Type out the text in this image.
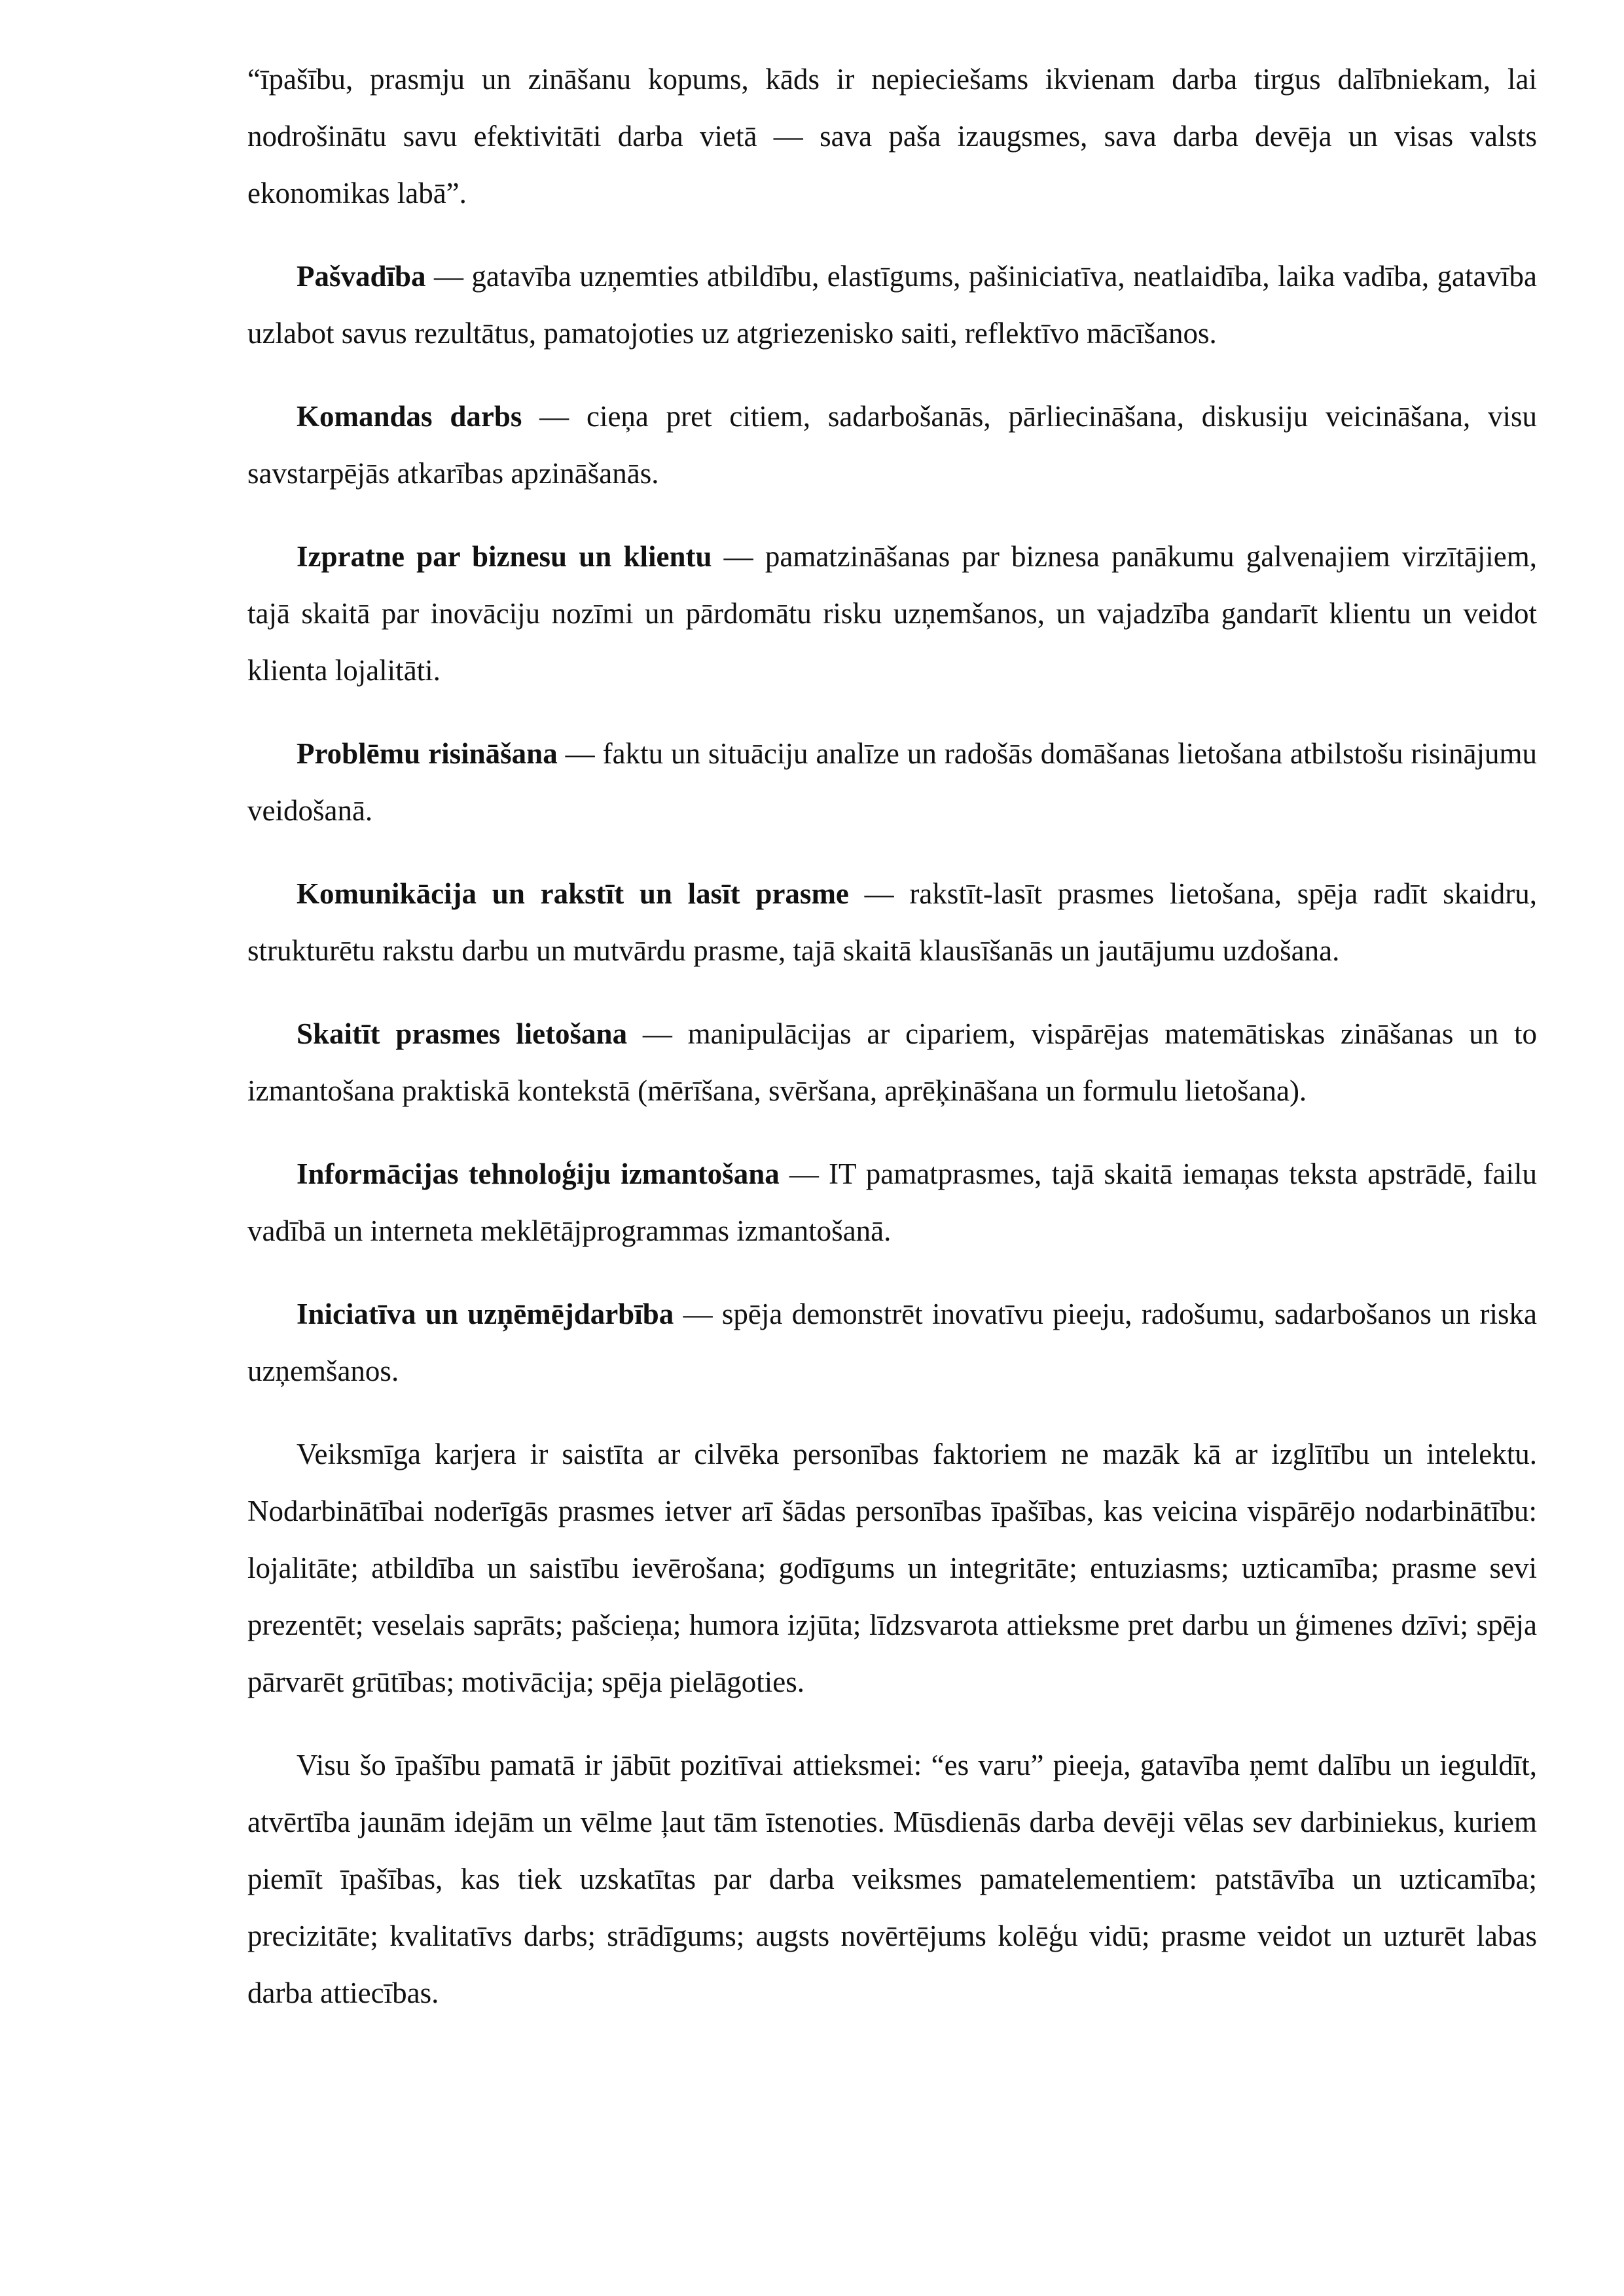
“īpašību, prasmju un zināšanu kopums, kāds ir nepieciešams ikvienam darba tirgus dalībniekam, lai nodrošinātu savu efektivitāti darba vietā — sava paša izaugsmes, sava darba devēja un visas valsts ekonomikas labā”.

Pašvadība — gatavība uzņemties atbildību, elastīgums, pašiniciatīva, neatlaidība, laika vadība, gatavība uzlabot savus rezultātus, pamatojoties uz atgriezenisko saiti, reflektīvo mācīšanos.

Komandas darbs — cieņa pret citiem, sadarbošanās, pārliecināšana, diskusiju veicināšana, visu savstarpējās atkarības apzināšanās.

Izpratne par biznesu un klientu — pamatzināšanas par biznesa panākumu galvenajiem virzītājiem, tajā skaitā par inovāciju nozīmi un pārdomātu risku uzņemšanos, un vajadzība gandarīt klientu un veidot klienta lojalitāti.

Problēmu risināšana — faktu un situāciju analīze un radošās domāšanas lietošana atbilstošu risinājumu veidošanā.

Komunikācija un rakstīt un lasīt prasme — rakstīt-lasīt prasmes lietošana, spēja radīt skaidru, strukturētu rakstu darbu un mutvārdu prasme, tajā skaitā klausīšanās un jautājumu uzdošana.

Skaitīt prasmes lietošana — manipulācijas ar cipariem, vispārējas matemātiskas zināšanas un to izmantošana praktiskā kontekstā (mērīšana, svēršana, aprēķināšana un formulu lietošana).

Informācijas tehnoloģiju izmantošana — IT pamatprasmes, tajā skaitā iemaņas teksta apstrādē, failu vadībā un interneta meklētājprogrammas izmantošanā.

Iniciatīva un uzņēmējdarbība — spēja demonstrēt inovatīvu pieeju, radošumu, sadarbošanos un riska uzņemšanos.

Veiksmīga karjera ir saistīta ar cilvēka personības faktoriem ne mazāk kā ar izglītību un intelektu. Nodarbinātībai noderīgās prasmes ietver arī šādas personības īpašības, kas veicina vispārējo nodarbinātību: lojalitāte; atbildība un saistību ievērošana; godīgums un integritāte; entuziasms; uzticamība; prasme sevi prezentēt; veselais saprāts; pašcieņa; humora izjūta; līdzsvarota attieksme pret darbu un ģimenes dzīvi; spēja pārvarēt grūtības; motivācija; spēja pielāgoties.

Visu šo īpašību pamatā ir jābūt pozitīvai attieksmei: “es varu” pieeja, gatavība ņemt dalību un ieguldīt, atvērtība jaunām idejām un vēlme ļaut tām īstenoties. Mūsdienās darba devēji vēlas sev darbiniekus, kuriem piemīt īpašības, kas tiek uzskatītas par darba veiksmes pamatelementiem: patstāvība un uzticamība; precizitāte; kvalitatīvs darbs; strādīgums; augsts novērtējums kolēģu vidū; prasme veidot un uzturēt labas darba attiecības.
